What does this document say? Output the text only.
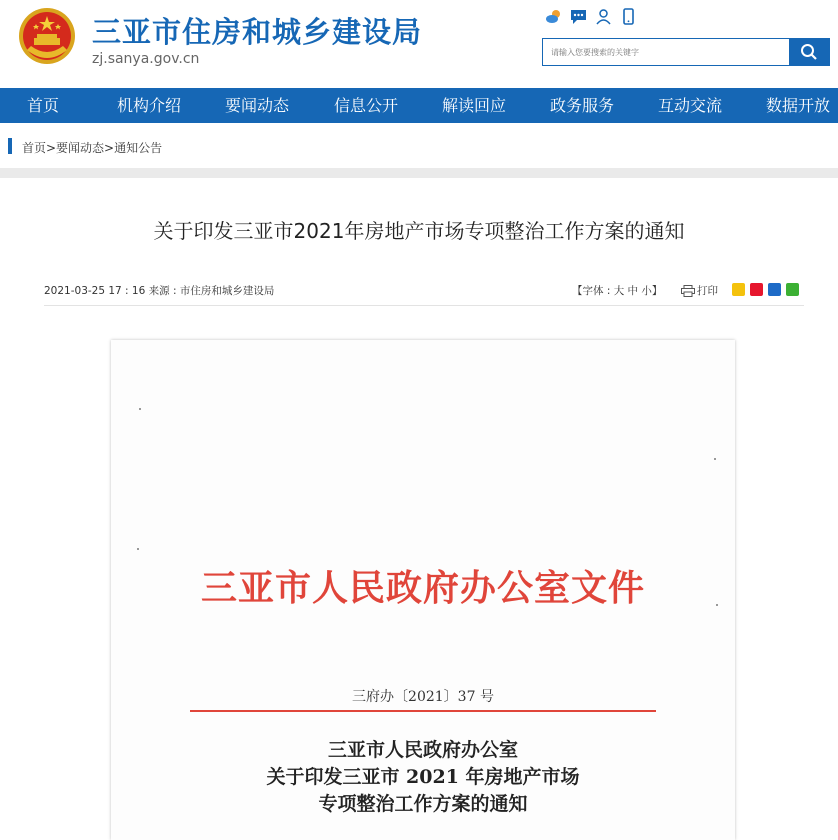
三亚市住房和城乡建设局
zj.sanya.gov.cn
请输入您要搜索的关键字
首页	机构介绍	要闻动态	信息公开	解读回应	政务服务	互动交流	数据开放
首页>要闻动态>通知公告
关于印发三亚市2021年房地产市场专项整治工作方案的通知
2021-03-25 17 : 16 来源 : 市住房和城乡建设局	【字体 : 大 中 小】	打印
三亚市人民政府办公室文件
三府办〔2021〕37 号
三亚市人民政府办公室
关于印发三亚市 2021 年房地产市场
专项整治工作方案的通知
